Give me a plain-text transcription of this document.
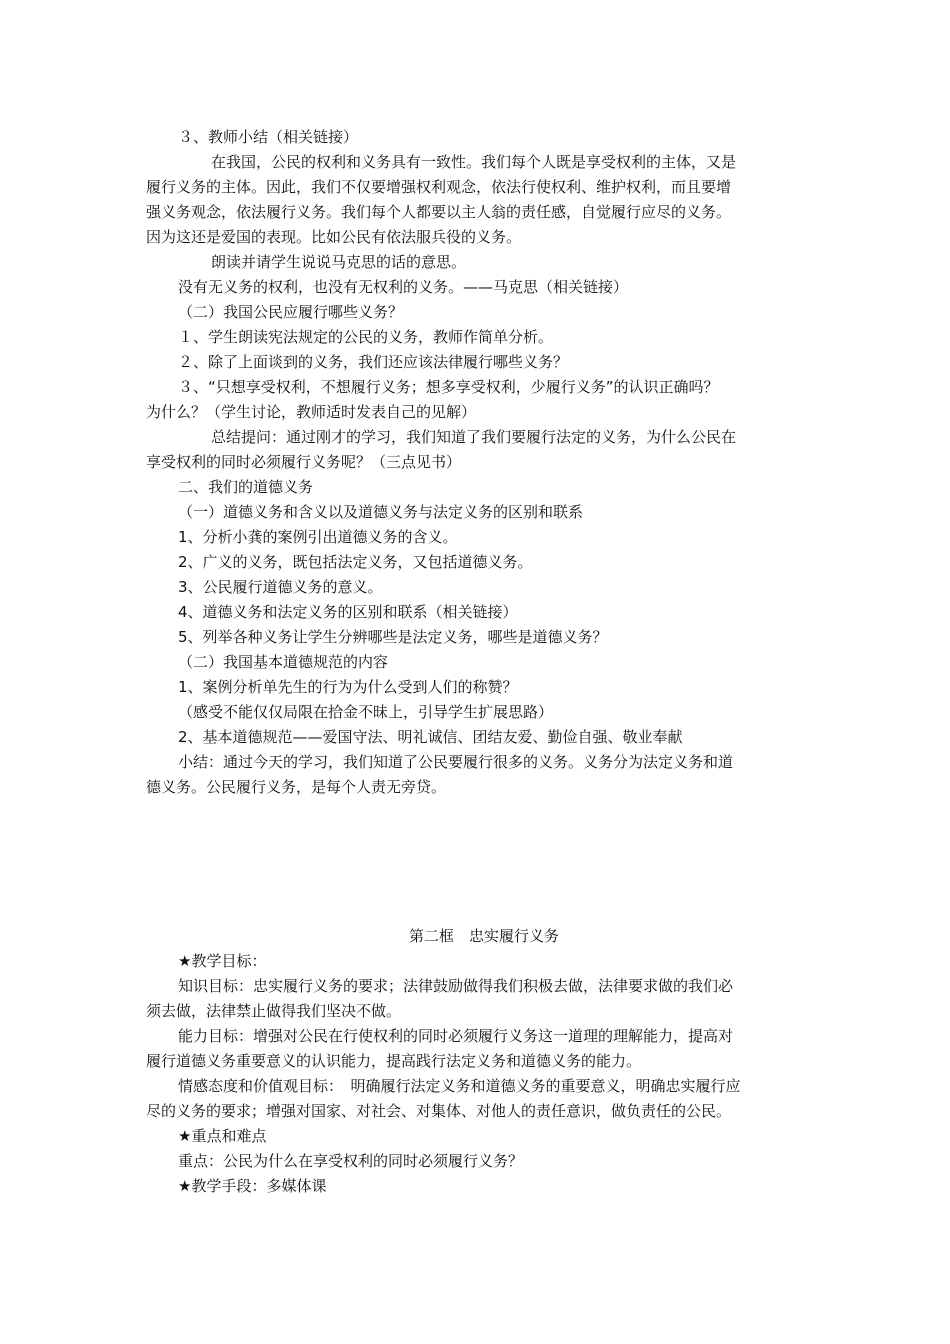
３、教师小结（相关链接）
在我国，公民的权利和义务具有一致性。我们每个人既是享受权利的主体，又是
履行义务的主体。因此，我们不仅要增强权利观念，依法行使权利、维护权利，而且要增
强义务观念，依法履行义务。我们每个人都要以主人翁的责任感，自觉履行应尽的义务。
因为这还是爱国的表现。比如公民有依法服兵役的义务。
朗读并请学生说说马克思的话的意思。
没有无义务的权利，也没有无权利的义务。——马克思（相关链接）
（二）我国公民应履行哪些义务？
１、学生朗读宪法规定的公民的义务，教师作简单分析。
２、除了上面谈到的义务，我们还应该法律履行哪些义务？
３、“只想享受权利，不想履行义务；想多享受权利，少履行义务”的认识正确吗？
为什么？（学生讨论，教师适时发表自己的见解）
总结提问：通过刚才的学习，我们知道了我们要履行法定的义务，为什么公民在
享受权利的同时必须履行义务呢？（三点见书）
二、我们的道德义务
（一）道德义务和含义以及道德义务与法定义务的区别和联系
1、分析小龚的案例引出道德义务的含义。
2、广义的义务，既包括法定义务，又包括道德义务。
3、公民履行道德义务的意义。
4、道德义务和法定义务的区别和联系（相关链接）
5、列举各种义务让学生分辨哪些是法定义务，哪些是道德义务？
（二）我国基本道德规范的内容
1、案例分析单先生的行为为什么受到人们的称赞？
（感受不能仅仅局限在拾金不昧上，引导学生扩展思路）
2、基本道德规范——爱国守法、明礼诚信、团结友爱、勤俭自强、敬业奉献
小结：通过今天的学习，我们知道了公民要履行很多的义务。义务分为法定义务和道
德义务。公民履行义务，是每个人责无旁贷。
第二框　忠实履行义务
★教学目标：
知识目标：忠实履行义务的要求；法律鼓励做得我们积极去做，法律要求做的我们必
须去做，法律禁止做得我们坚决不做。
能力目标：增强对公民在行使权利的同时必须履行义务这一道理的理解能力，提高对
履行道德义务重要意义的认识能力，提高践行法定义务和道德义务的能力。
情感态度和价值观目标：　明确履行法定义务和道德义务的重要意义，明确忠实履行应
尽的义务的要求；增强对国家、对社会、对集体、对他人的责任意识，做负责任的公民。
★重点和难点
重点：公民为什么在享受权利的同时必须履行义务？
★教学手段：多媒体课
